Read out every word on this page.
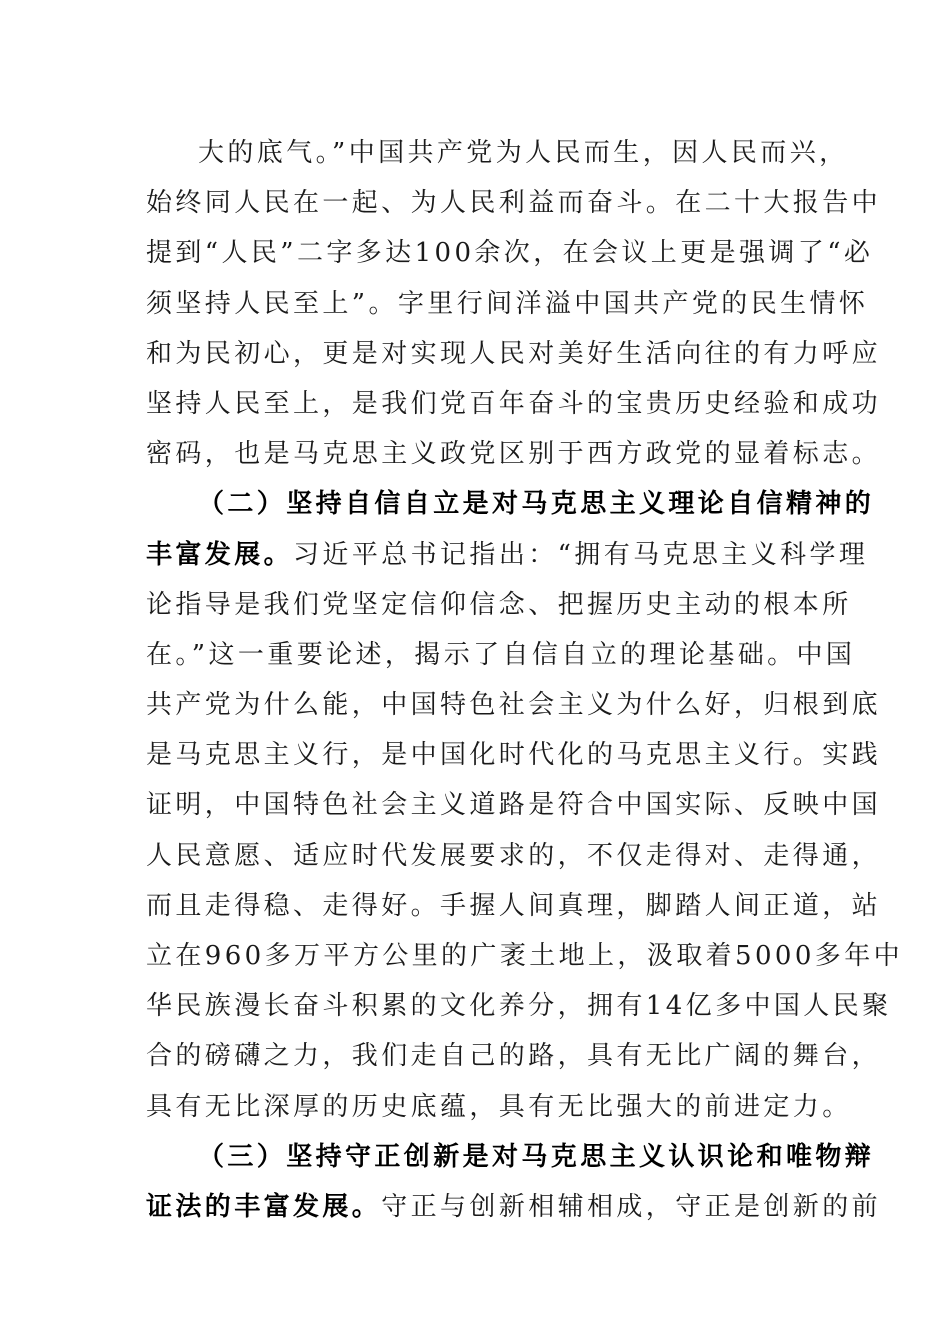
大的底气。”中国共产党为人民而生，因人民而兴，
始终同人民在一起、为人民利益而奋斗。在二十大报告中
提到“人民”二字多达100余次，在会议上更是强调了“必
须坚持人民至上”。字里行间洋溢中国共产党的民生情怀
和为民初心，更是对实现人民对美好生活向往的有力呼应
坚持人民至上，是我们党百年奋斗的宝贵历史经验和成功
密码，也是马克思主义政党区别于西方政党的显着标志。
（二）坚持自信自立是对马克思主义理论自信精神的
丰富发展。习近平总书记指出：“拥有马克思主义科学理
论指导是我们党坚定信仰信念、把握历史主动的根本所
在。”这一重要论述，揭示了自信自立的理论基础。中国
共产党为什么能，中国特色社会主义为什么好，归根到底
是马克思主义行，是中国化时代化的马克思主义行。实践
证明，中国特色社会主义道路是符合中国实际、反映中国
人民意愿、适应时代发展要求的，不仅走得对、走得通，
而且走得稳、走得好。手握人间真理，脚踏人间正道，站
立在960多万平方公里的广袤土地上，汲取着5000多年中
华民族漫长奋斗积累的文化养分，拥有14亿多中国人民聚
合的磅礴之力，我们走自己的路，具有无比广阔的舞台，
具有无比深厚的历史底蕴，具有无比强大的前进定力。
（三）坚持守正创新是对马克思主义认识论和唯物辩
证法的丰富发展。守正与创新相辅相成，守正是创新的前
